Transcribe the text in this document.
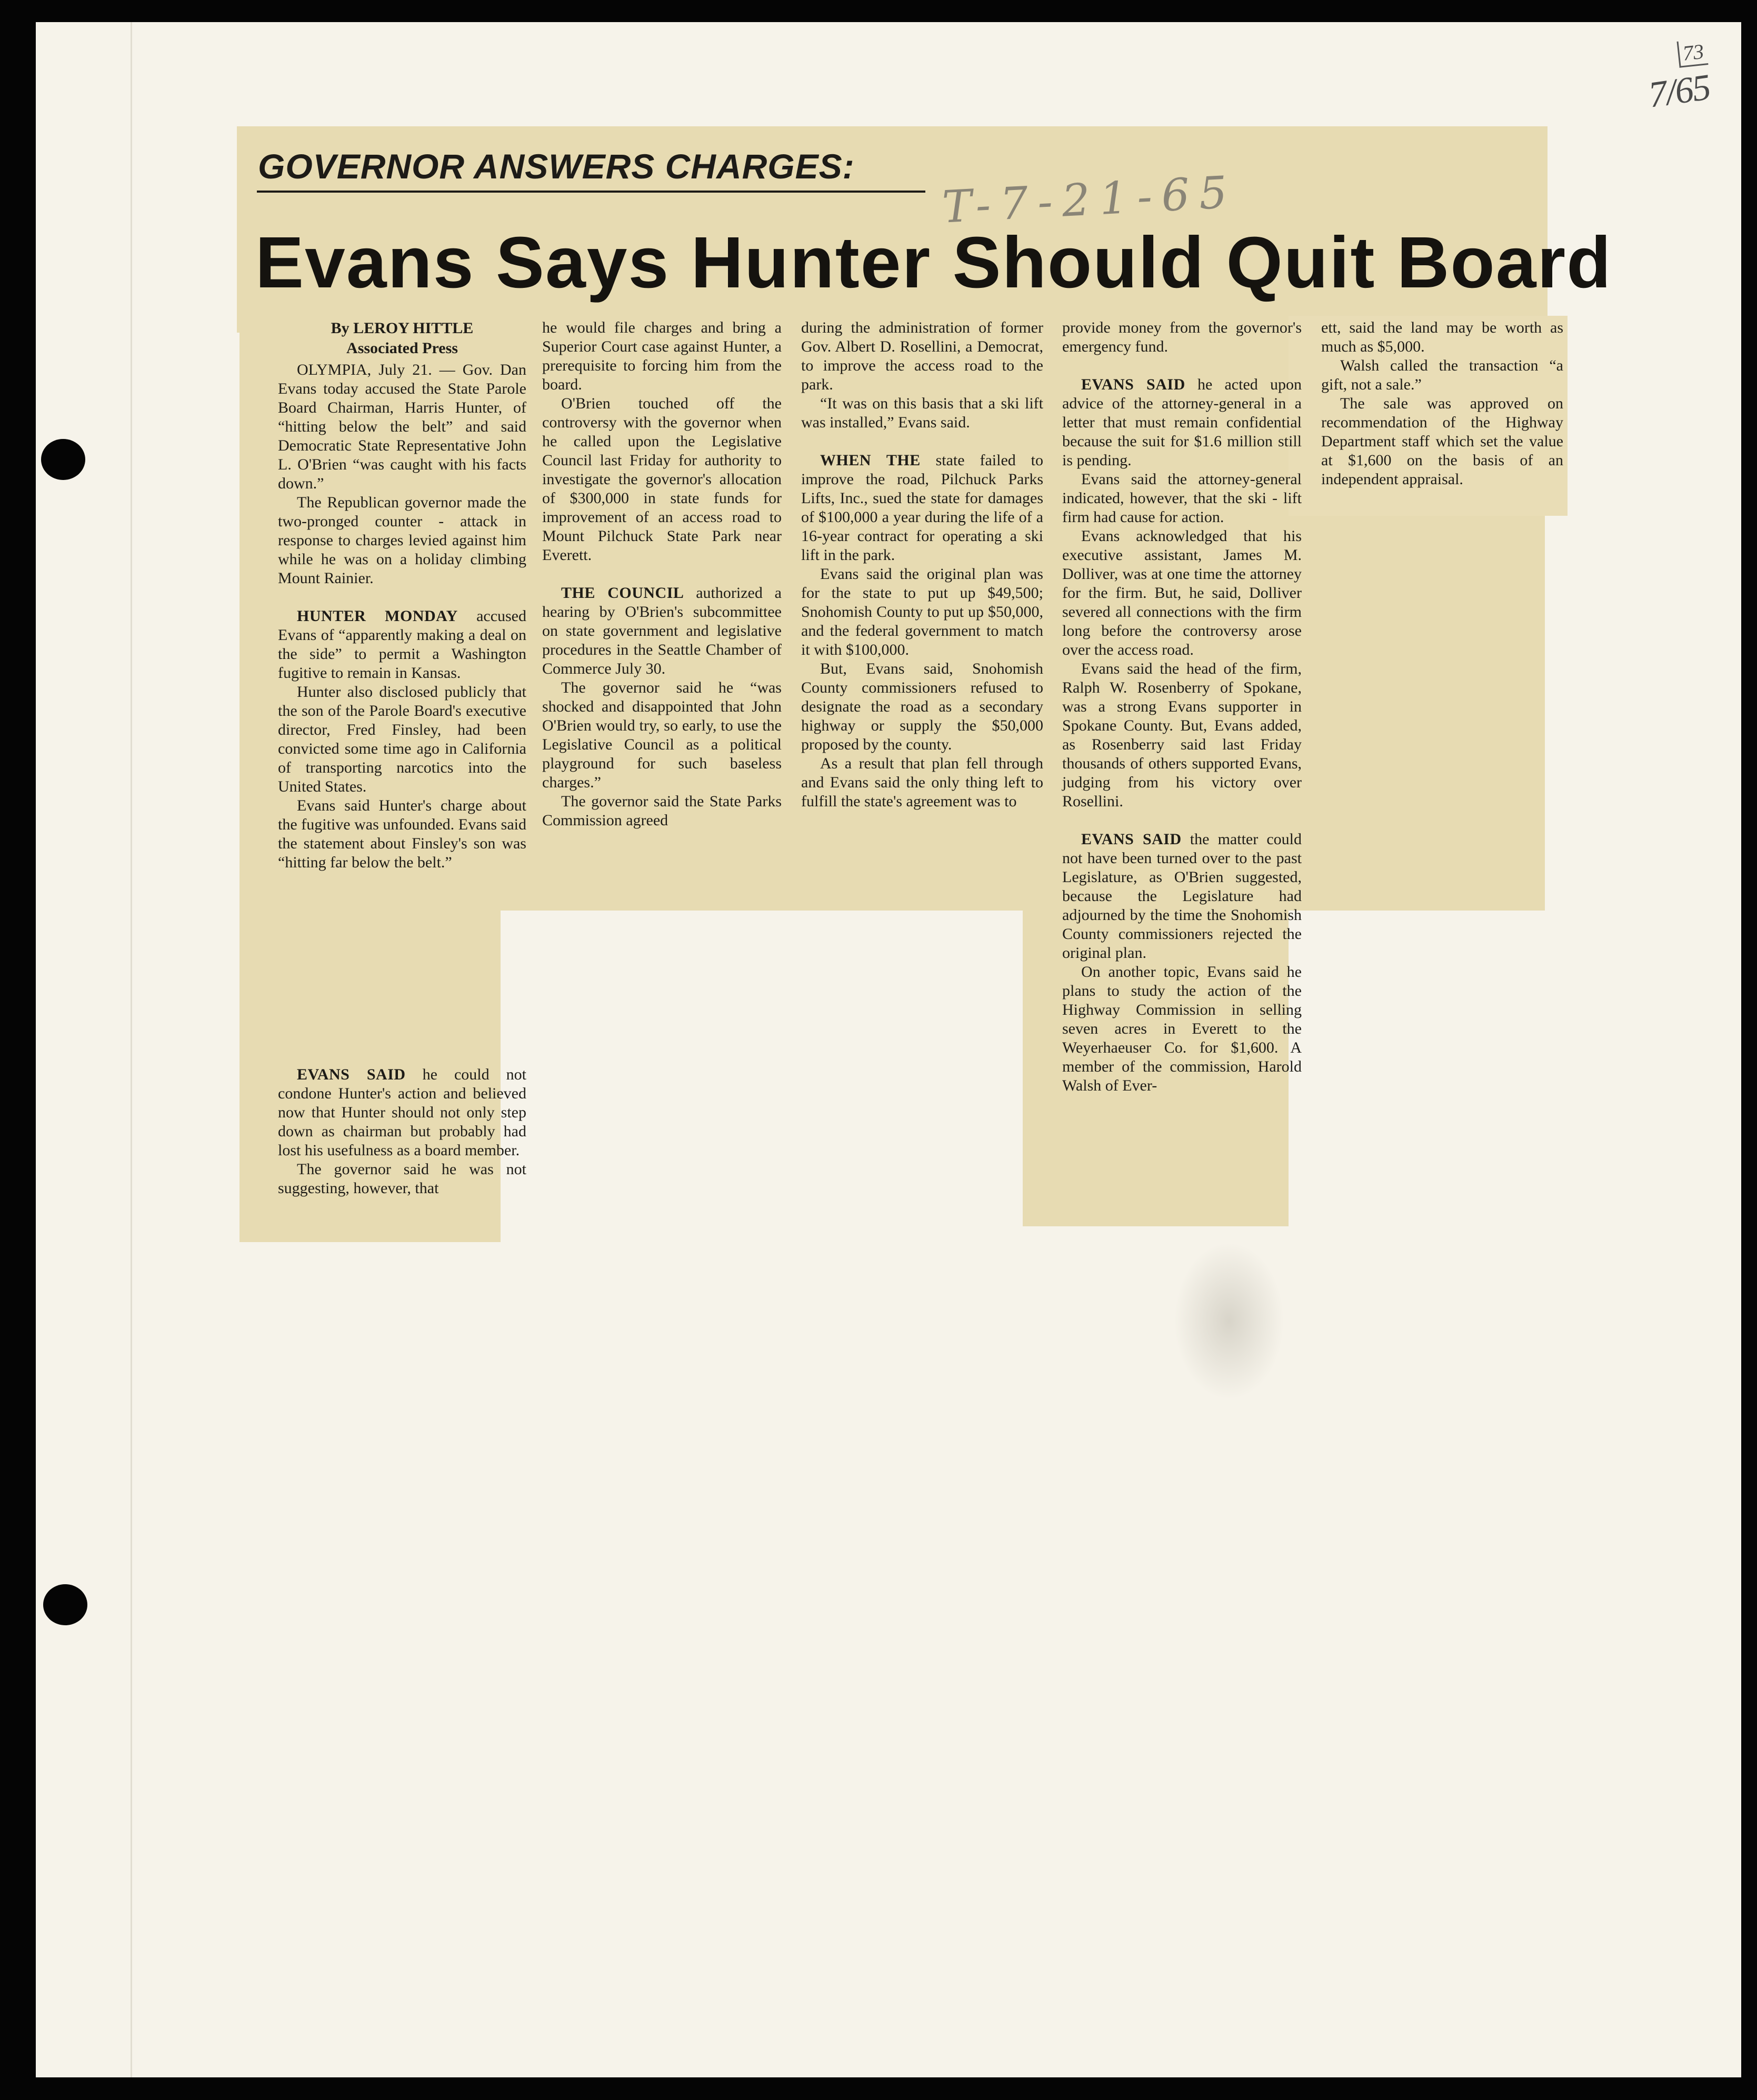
73
7/65
GOVERNOR ANSWERS CHARGES:	T-7-21-65
Evans Says Hunter Should Quit Board
By LEROY HITTLE
Associated Press

OLYMPIA, July 21. — Gov. Dan Evans today accused the State Parole Board Chairman, Harris Hunter, of “hitting below the belt” and said Democratic State Representative John L. O'Brien “was caught with his facts down.”

The Republican governor made the two-pronged counter - attack in response to charges levied against him while he was on a holiday climbing Mount Rainier.

HUNTER MONDAY accused Evans of “apparently making a deal on the side” to permit a Washington fugitive to remain in Kansas.

Hunter also disclosed publicly that the son of the Parole Board's executive director, Fred Finsley, had been convicted some time ago in California of transporting narcotics into the United States.

Evans said Hunter's charge about the fugitive was unfounded. Evans said the statement about Finsley's son was “hitting far below the belt.”

EVANS SAID he could not condone Hunter's action and believed now that Hunter should not only step down as chairman but probably had lost his usefulness as a board member.

The governor said he was not suggesting, however, that

he would file charges and bring a Superior Court case against Hunter, a prerequisite to forcing him from the board.

O'Brien touched off the controversy with the governor when he called upon the Legislative Council last Friday for authority to investigate the governor's allocation of $300,000 in state funds for improvement of an access road to Mount Pilchuck State Park near Everett.

THE COUNCIL authorized a hearing by O'Brien's subcommittee on state government and legislative procedures in the Seattle Chamber of Commerce July 30.

The governor said he “was shocked and disappointed that John O'Brien would try, so early, to use the Legislative Council as a political playground for such baseless charges.”

The governor said the State Parks Commission agreed

during the administration of former Gov. Albert D. Rosellini, a Democrat, to improve the access road to the park.

“It was on this basis that a ski lift was installed,” Evans said.

WHEN THE state failed to improve the road, Pilchuck Parks Lifts, Inc., sued the state for damages of $100,000 a year during the life of a 16-year contract for operating a ski lift in the park.

Evans said the original plan was for the state to put up $49,500; Snohomish County to put up $50,000, and the federal government to match it with $100,000.

But, Evans said, Snohomish County commissioners refused to designate the road as a secondary highway or supply the $50,000 proposed by the county.

As a result that plan fell through and Evans said the only thing left to fulfill the state's agreement was to

provide money from the governor's emergency fund.

EVANS SAID he acted upon advice of the attorney-general in a letter that must remain confidential because the suit for $1.6 million still is pending.

Evans said the attorney-general indicated, however, that the ski - lift firm had cause for action.

Evans acknowledged that his executive assistant, James M. Dolliver, was at one time the attorney for the firm. But, he said, Dolliver severed all connections with the firm long before the controversy arose over the access road.

Evans said the head of the firm, Ralph W. Rosenberry of Spokane, was a strong Evans supporter in Spokane County. But, Evans added, as Rosenberry said last Friday thousands of others supported Evans, judging from his victory over Rosellini.

EVANS SAID the matter could not have been turned over to the past Legislature, as O'Brien suggested, because the Legislature had adjourned by the time the Snohomish County commissioners rejected the original plan.

On another topic, Evans said he plans to study the action of the Highway Commission in selling seven acres in Everett to the Weyerhaeuser Co. for $1,600. A member of the commission, Harold Walsh of Ever-

ett, said the land may be worth as much as $5,000.

Walsh called the transaction “a gift, not a sale.”

The sale was approved on recommendation of the Highway Department staff which set the value at $1,600 on the basis of an independent appraisal.
